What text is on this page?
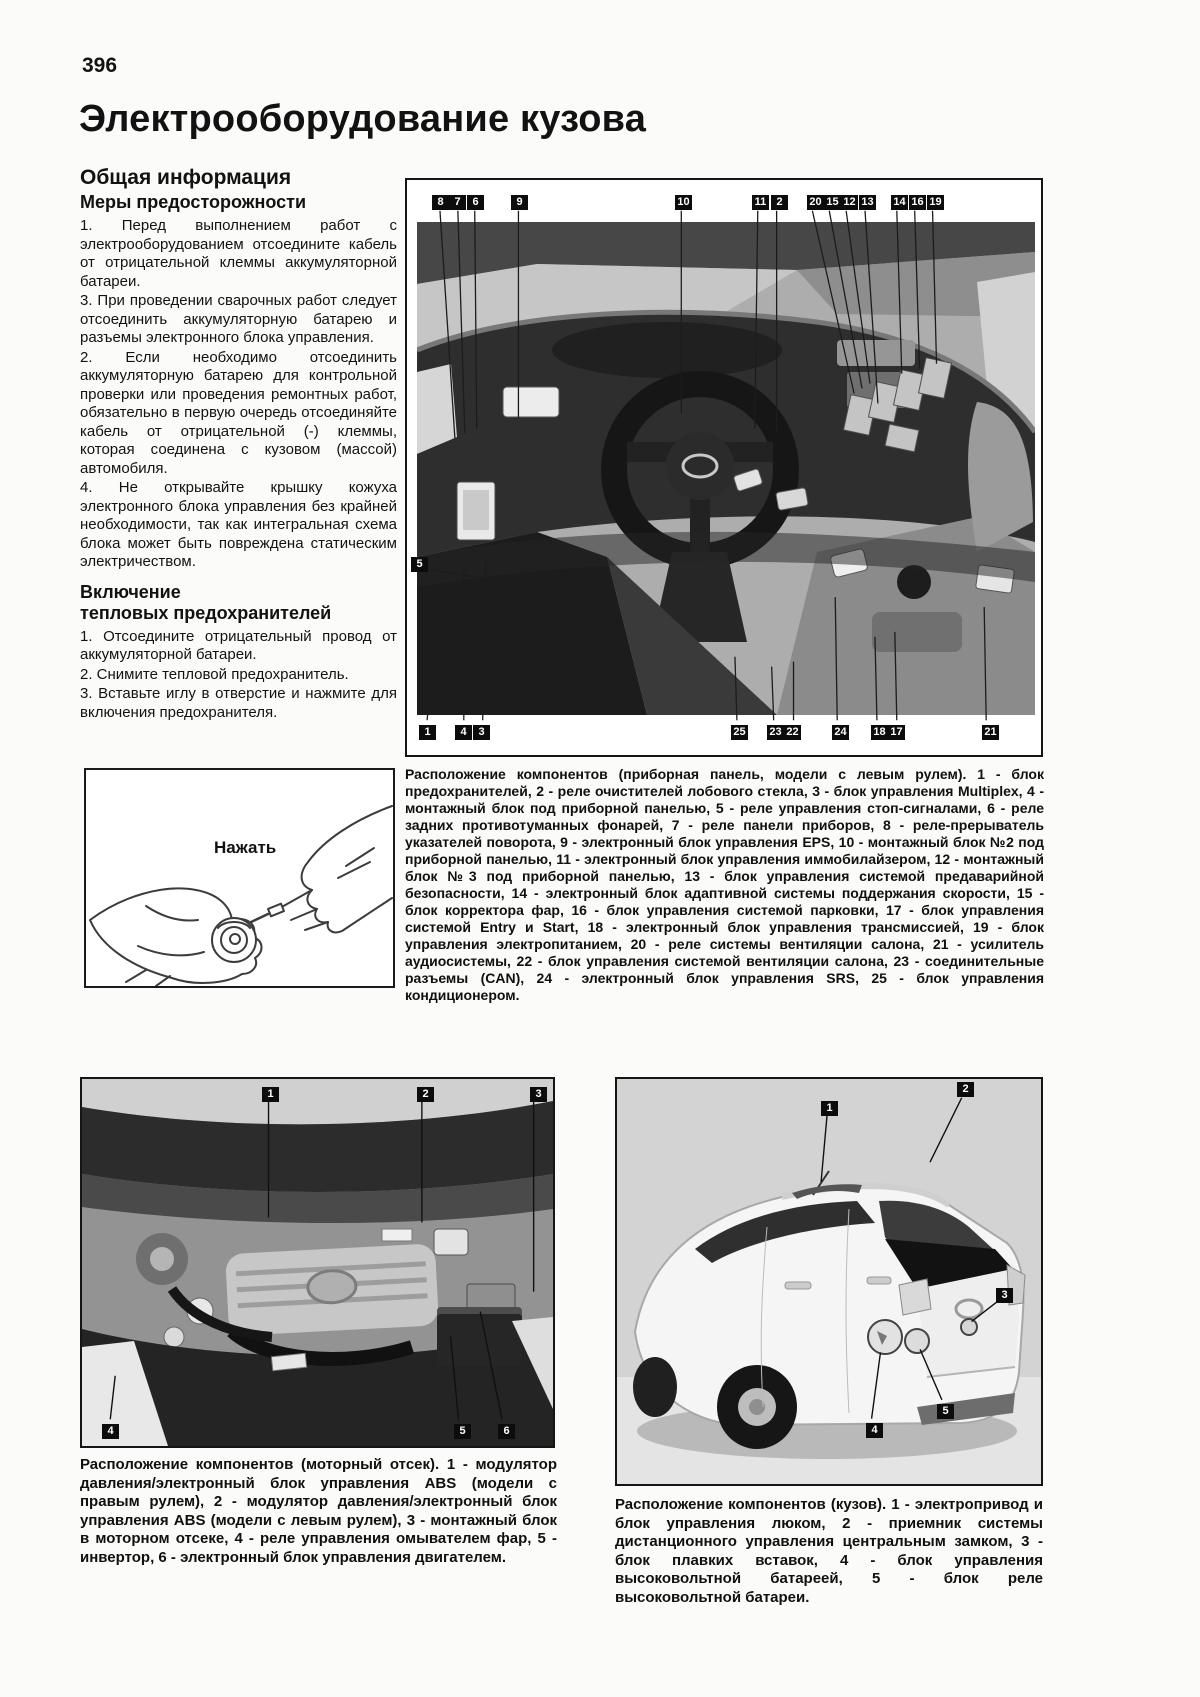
396
Электрооборудование кузова
Общая информация
Меры предосторожности

1. Перед выполнением работ с электрооборудованием отсоедините кабель от отрицательной клеммы аккумуляторной батареи.

3. При проведении сварочных работ следует отсоединить аккумуляторную батарею и разъемы электронного блока управления.

2. Если необходимо отсоединить аккумуляторную батарею для контрольной проверки или проведения ремонтных работ, обязательно в первую очередь отсоединяйте кабель от отрицательной (-) клеммы, которая соединена с кузовом (массой) автомобиля.

4. Не открывайте крышку кожуха электронного блока управления без крайней необходимости, так как интегральная схема блока может быть повреждена статическим электричеством.

Включение
тепловых предохранителей

1. Отсоедините отрицательный провод от аккумуляторной батареи.

2. Снимите тепловой предохранитель.

3. Вставьте иглу в отверстие и нажмите для включения предохранителя.

Нажать
8 7	6	9	10	11 2	20 15 12 13 14 16 19
5
1	4	3	25 23 22	24 18 17	21
Расположение компонентов (приборная панель, модели с левым рулем). 1 - блок предохранителей, 2 - реле очистителей лобового стекла, 3 - блок управления Multiplex, 4 - монтажный блок под приборной панелью, 5 - реле управления стоп-сигналами, 6 - реле задних противотуманных фонарей, 7 - реле панели приборов, 8 - реле-прерыватель указателей поворота, 9 - электронный блок управления EPS, 10 - монтажный блок №2 под приборной панелью, 11 - электронный блок управления иммобилайзером, 12 - монтажный блок №3 под приборной панелью, 13 - блок управления системой предаварийной безопасности, 14 - электронный блок адаптивной системы поддержания скорости, 15 - блок корректора фар, 16 - блок управления системой парковки, 17 - блок управления системой Entry и Start, 18 - электронный блок управления трансмиссией, 19 - блок управления электропитанием, 20 - реле системы вентиляции салона, 21 - усилитель аудиосистемы, 22 - блок управления системой вентиляции салона, 23 - соединительные разъемы (CAN), 24 - электронный блок управления SRS, 25 - блок управления кондиционером.
1	2	3
4	5	6
Расположение компонентов (моторный отсек). 1 - модулятор давления/электронный блок управления ABS (модели с правым рулем), 2 - модулятор давления/электронный блок управления ABS (модели с левым рулем), 3 - монтажный блок в моторном отсеке, 4 - реле управления омывателем фар, 5 - инвертор, 6 - электронный блок управления двигателем.
1
2
3
4
5
Расположение компонентов (кузов). 1 - электропривод и блок управления люком, 2 - приемник системы дистанционного управления центральным замком, 3 - блок плавких вставок, 4 - блок управления высоковольтной батареей, 5 - блок реле высоковольтной батареи.
